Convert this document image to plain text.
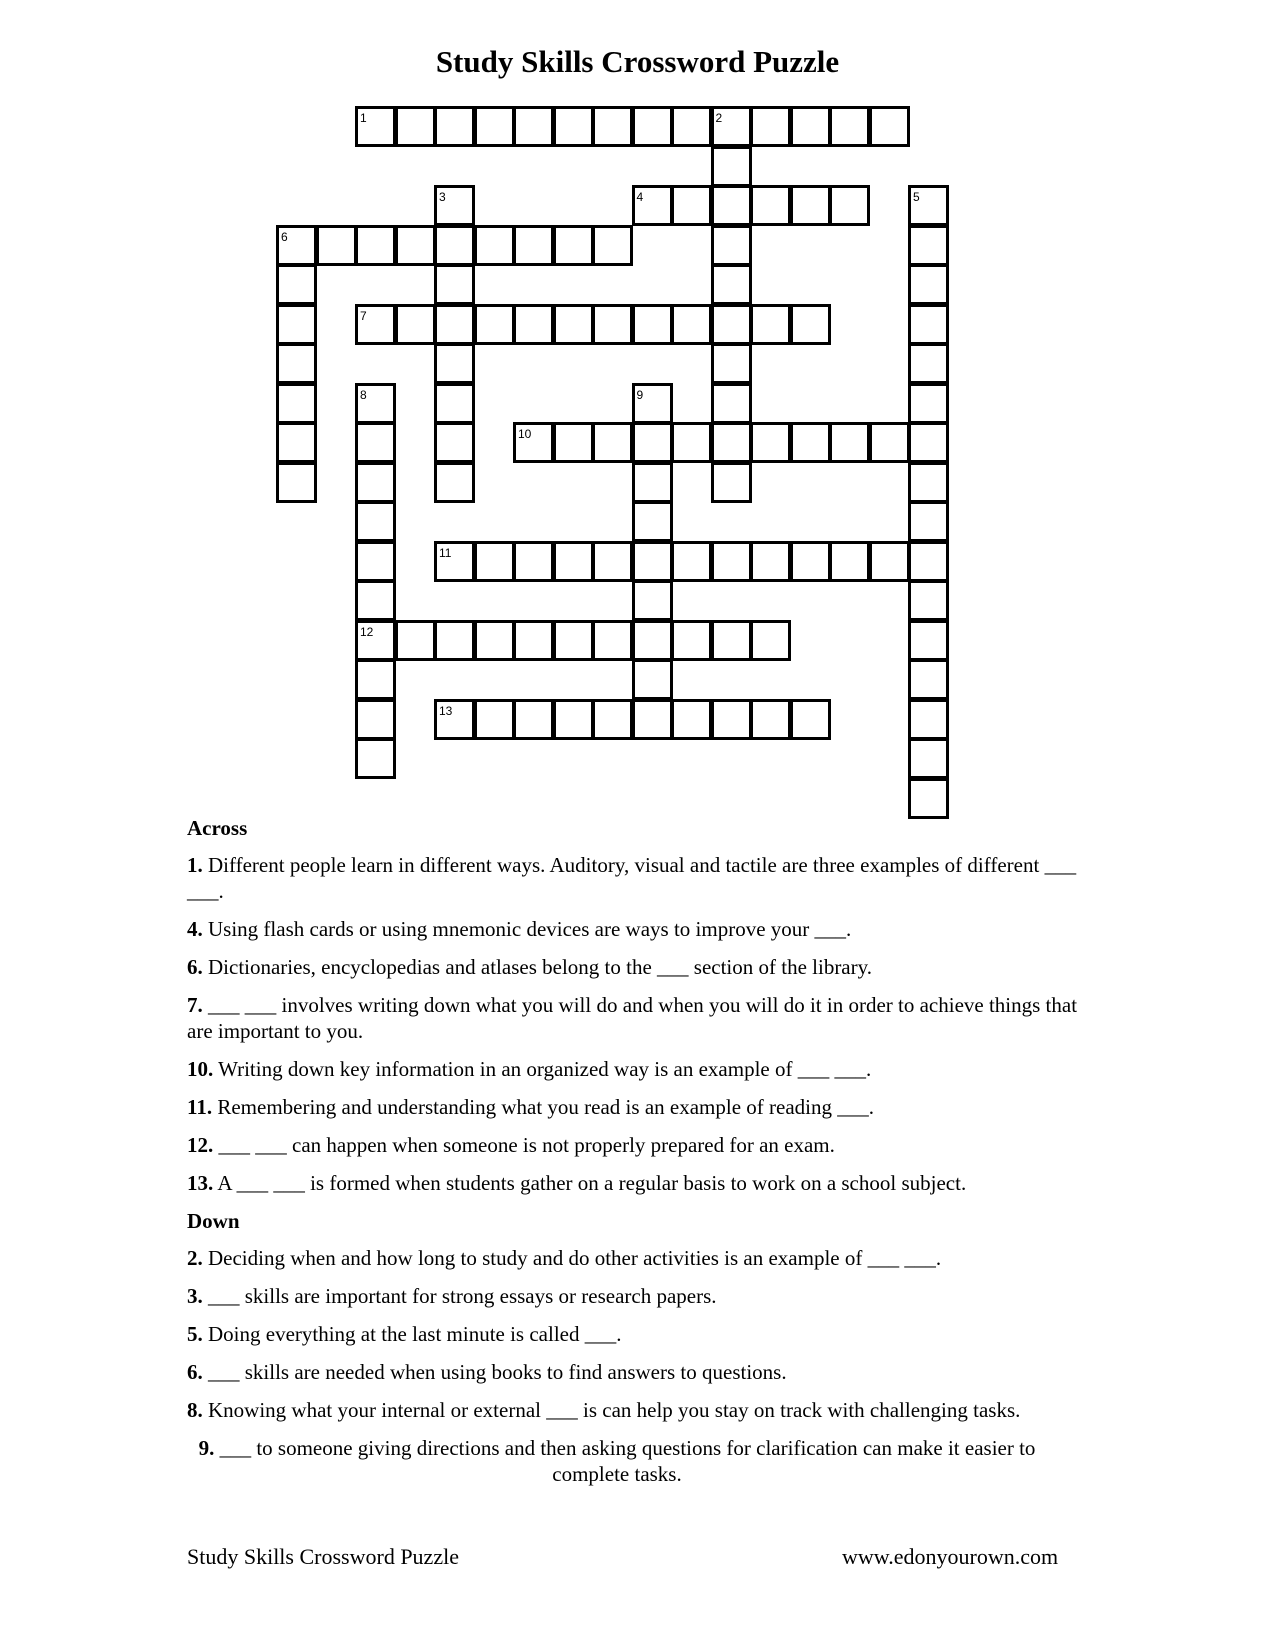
Study Skills Crossword Puzzle
1	2
3	4	5
6
7
8	9
10
11
12
13
Across
1. Different people learn in different ways. Auditory, visual and tactile are three examples of different ___ ___.
4. Using flash cards or using mnemonic devices are ways to improve your ___.
6. Dictionaries, encyclopedias and atlases belong to the ___ section of the library.
7. ___ ___ involves writing down what you will do and when you will do it in order to achieve things that are important to you.
10. Writing down key information in an organized way is an example of ___ ___.
11. Remembering and understanding what you read is an example of reading ___.
12. ___ ___ can happen when someone is not properly prepared for an exam.
13. A ___ ___ is formed when students gather on a regular basis to work on a school subject.
Down
2. Deciding when and how long to study and do other activities is an example of ___ ___.
3. ___ skills are important for strong essays or research papers.
5. Doing everything at the last minute is called ___.
6. ___ skills are needed when using books to find answers to questions.
8. Knowing what your internal or external ___ is can help you stay on track with challenging tasks.
9. ___ to someone giving directions and then asking questions for clarification can make it easier to complete tasks.
Study Skills Crossword Puzzle	www.edonyourown.com
